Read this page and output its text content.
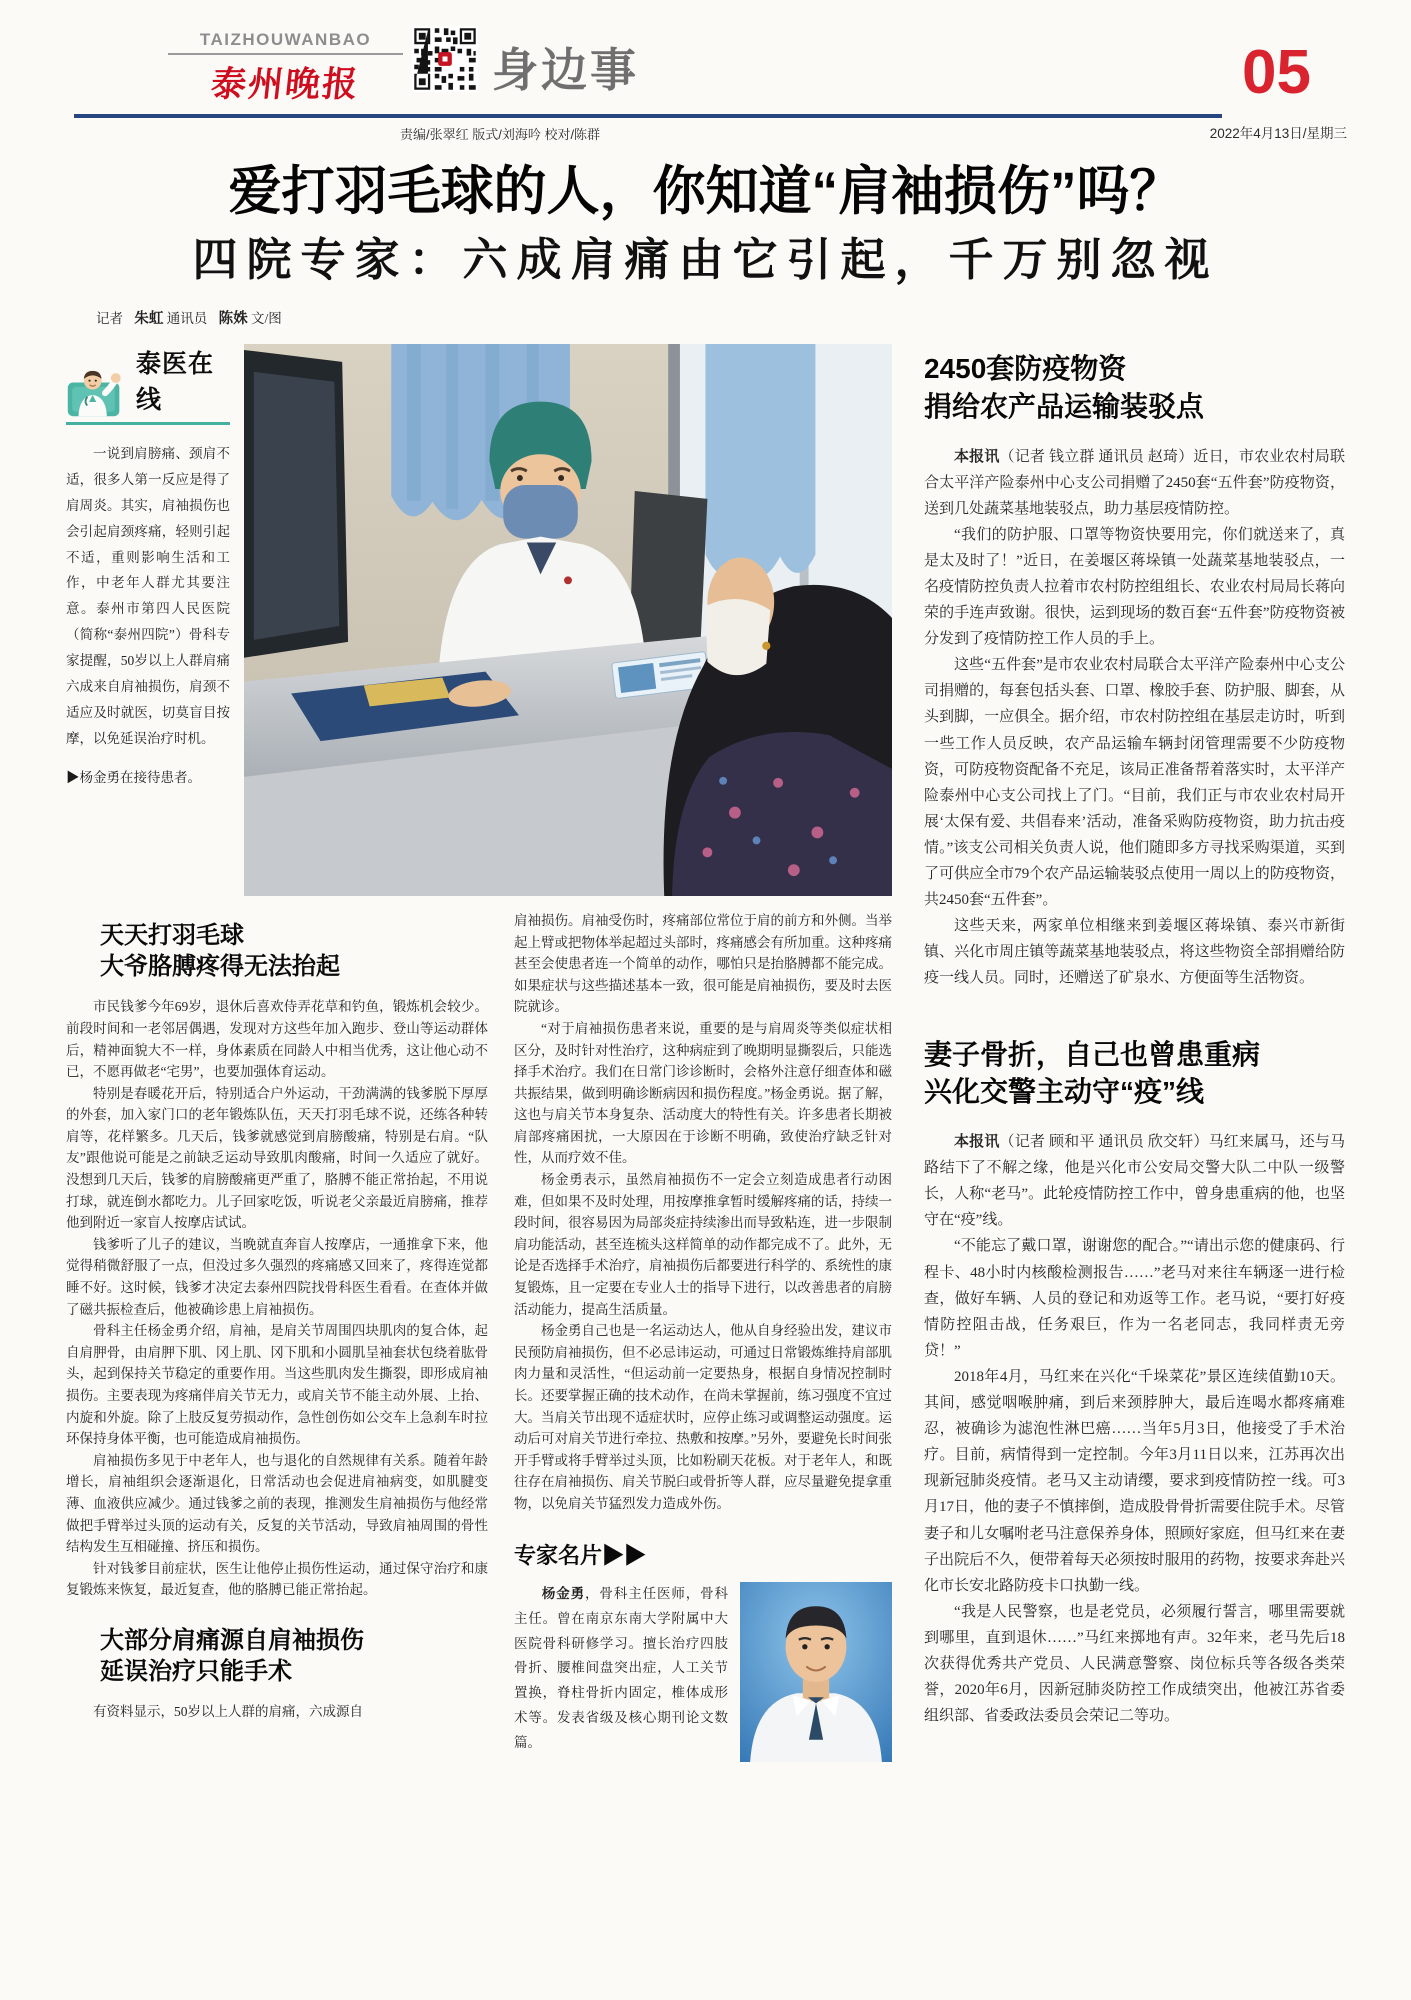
TAIZHOUWANBAO
泰州晚报	身边事
责编/张翠红 版式/刘海吟 校对/陈群
05
2022年4月13日/星期三
爱打羽毛球的人，你知道“肩袖损伤”吗？
四院专家：六成肩痛由它引起，千万别忽视
记者 朱虹 通讯员 陈姝 文/图
泰医在线

一说到肩膀痛、颈肩不适，很多人第一反应是得了肩周炎。其实，肩袖损伤也会引起肩颈疼痛，轻则引起不适，重则影响生活和工作，中老年人群尤其要注意。泰州市第四人民医院（简称“泰州四院”）骨科专家提醒，50岁以上人群肩痛六成来自肩袖损伤，肩颈不适应及时就医，切莫盲目按摩，以免延误治疗时机。

▶杨金勇在接待患者。

天天打羽毛球
大爷胳膊疼得无法抬起

市民钱爹今年69岁，退休后喜欢侍弄花草和钓鱼，锻炼机会较少。前段时间和一老邻居偶遇，发现对方这些年加入跑步、登山等运动群体后，精神面貌大不一样，身体素质在同龄人中相当优秀，这让他心动不已，不愿再做老“宅男”，也要加强体育运动。

特别是春暖花开后，特别适合户外运动，干劲满满的钱爹脱下厚厚的外套，加入家门口的老年锻炼队伍，天天打羽毛球不说，还练各种转肩等，花样繁多。几天后，钱爹就感觉到肩膀酸痛，特别是右肩。“队友”跟他说可能是之前缺乏运动导致肌肉酸痛，时间一久适应了就好。没想到几天后，钱爹的肩膀酸痛更严重了，胳膊不能正常抬起，不用说打球，就连倒水都吃力。儿子回家吃饭，听说老父亲最近肩膀痛，推荐他到附近一家盲人按摩店试试。

钱爹听了儿子的建议，当晚就直奔盲人按摩店，一通推拿下来，他觉得稍微舒服了一点，但没过多久强烈的疼痛感又回来了，疼得连觉都睡不好。这时候，钱爹才决定去泰州四院找骨科医生看看。在查体并做了磁共振检查后，他被确诊患上肩袖损伤。

骨科主任杨金勇介绍，肩袖，是肩关节周围四块肌肉的复合体，起自肩胛骨，由肩胛下肌、冈上肌、冈下肌和小圆肌呈袖套状包绕着肱骨头，起到保持关节稳定的重要作用。当这些肌肉发生撕裂，即形成肩袖损伤。主要表现为疼痛伴肩关节无力，或肩关节不能主动外展、上抬、内旋和外旋。除了上肢反复劳损动作，急性创伤如公交车上急刹车时拉环保持身体平衡，也可能造成肩袖损伤。

肩袖损伤多见于中老年人，也与退化的自然规律有关系。随着年龄增长，肩袖组织会逐渐退化，日常活动也会促进肩袖病变，如肌腱变薄、血液供应减少。通过钱爹之前的表现，推测发生肩袖损伤与他经常做把手臂举过头顶的运动有关，反复的关节活动，导致肩袖周围的骨性结构发生互相碰撞、挤压和损伤。

针对钱爹目前症状，医生让他停止损伤性运动，通过保守治疗和康复锻炼来恢复，最近复查，他的胳膊已能正常抬起。

大部分肩痛源自肩袖损伤
延误治疗只能手术

有资料显示，50岁以上人群的肩痛，六成源自

肩袖损伤。肩袖受伤时，疼痛部位常位于肩的前方和外侧。当举起上臂或把物体举起超过头部时，疼痛感会有所加重。这种疼痛甚至会使患者连一个简单的动作，哪怕只是抬胳膊都不能完成。如果症状与这些描述基本一致，很可能是肩袖损伤，要及时去医院就诊。

“对于肩袖损伤患者来说，重要的是与肩周炎等类似症状相区分，及时针对性治疗，这种病症到了晚期明显撕裂后，只能选择手术治疗。我们在日常门诊诊断时，会格外注意仔细查体和磁共振结果，做到明确诊断病因和损伤程度。”杨金勇说。据了解，这也与肩关节本身复杂、活动度大的特性有关。许多患者长期被肩部疼痛困扰，一大原因在于诊断不明确，致使治疗缺乏针对性，从而疗效不佳。

杨金勇表示，虽然肩袖损伤不一定会立刻造成患者行动困难，但如果不及时处理，用按摩推拿暂时缓解疼痛的话，持续一段时间，很容易因为局部炎症持续渗出而导致粘连，进一步限制肩功能活动，甚至连梳头这样简单的动作都完成不了。此外，无论是否选择手术治疗，肩袖损伤后都要进行科学的、系统性的康复锻炼，且一定要在专业人士的指导下进行，以改善患者的肩膀活动能力，提高生活质量。

杨金勇自己也是一名运动达人，他从自身经验出发，建议市民预防肩袖损伤，但不必忌讳运动，可通过日常锻炼维持肩部肌肉力量和灵活性，“但运动前一定要热身，根据自身情况控制时长。还要掌握正确的技术动作，在尚未掌握前，练习强度不宜过大。当肩关节出现不适症状时，应停止练习或调整运动强度。运动后可对肩关节进行牵拉、热敷和按摩。”另外，要避免长时间张开手臂或将手臂举过头顶，比如粉刷天花板。对于老年人，和既往存在肩袖损伤、肩关节脱臼或骨折等人群，应尽量避免提拿重物，以免肩关节猛烈发力造成外伤。

专家名片▶▶
杨金勇，骨科主任医师，骨科主任。曾在南京东南大学附属中大医院骨科研修学习。擅长治疗四肢骨折、腰椎间盘突出症，人工关节置换，脊柱骨折内固定，椎体成形术等。发表省级及核心期刊论文数篇。
2450套防疫物资
捐给农产品运输装驳点

本报讯（记者 钱立群 通讯员 赵琦）近日，市农业农村局联合太平洋产险泰州中心支公司捐赠了2450套“五件套”防疫物资，送到几处蔬菜基地装驳点，助力基层疫情防控。

“我们的防护服、口罩等物资快要用完，你们就送来了，真是太及时了！”近日，在姜堰区蒋垛镇一处蔬菜基地装驳点，一名疫情防控负责人拉着市农村防控组组长、农业农村局局长蒋向荣的手连声致谢。很快，运到现场的数百套“五件套”防疫物资被分发到了疫情防控工作人员的手上。

这些“五件套”是市农业农村局联合太平洋产险泰州中心支公司捐赠的，每套包括头套、口罩、橡胶手套、防护服、脚套，从头到脚，一应俱全。据介绍，市农村防控组在基层走访时，听到一些工作人员反映，农产品运输车辆封闭管理需要不少防疫物资，可防疫物资配备不充足，该局正准备帮着落实时，太平洋产险泰州中心支公司找上了门。“目前，我们正与市农业农村局开展‘太保有爱、共倡春来’活动，准备采购防疫物资，助力抗击疫情。”该支公司相关负责人说，他们随即多方寻找采购渠道，买到了可供应全市79个农产品运输装驳点使用一周以上的防疫物资，共2450套“五件套”。

这些天来，两家单位相继来到姜堰区蒋垛镇、泰兴市新街镇、兴化市周庄镇等蔬菜基地装驳点，将这些物资全部捐赠给防疫一线人员。同时，还赠送了矿泉水、方便面等生活物资。

妻子骨折，自己也曾患重病
兴化交警主动守“疫”线

本报讯（记者 顾和平 通讯员 欣交轩）马红来属马，还与马路结下了不解之缘，他是兴化市公安局交警大队二中队一级警长，人称“老马”。此轮疫情防控工作中，曾身患重病的他，也坚守在“疫”线。

“不能忘了戴口罩，谢谢您的配合。”“请出示您的健康码、行程卡、48小时内核酸检测报告……”老马对来往车辆逐一进行检查，做好车辆、人员的登记和劝返等工作。老马说，“要打好疫情防控阻击战，任务艰巨，作为一名老同志，我同样责无旁贷！”

2018年4月，马红来在兴化“千垛菜花”景区连续值勤10天。其间，感觉咽喉肿痛，到后来颈脖肿大，最后连喝水都疼痛难忍，被确诊为滤泡性淋巴癌……当年5月3日，他接受了手术治疗。目前，病情得到一定控制。今年3月11日以来，江苏再次出现新冠肺炎疫情。老马又主动请缨，要求到疫情防控一线。可3月17日，他的妻子不慎摔倒，造成股骨骨折需要住院手术。尽管妻子和儿女嘱咐老马注意保养身体，照顾好家庭，但马红来在妻子出院后不久，便带着每天必须按时服用的药物，按要求奔赴兴化市长安北路防疫卡口执勤一线。

“我是人民警察，也是老党员，必须履行誓言，哪里需要就到哪里，直到退休……”马红来掷地有声。32年来，老马先后18次获得优秀共产党员、人民满意警察、岗位标兵等各级各类荣誉，2020年6月，因新冠肺炎防控工作成绩突出，他被江苏省委组织部、省委政法委员会荣记二等功。
